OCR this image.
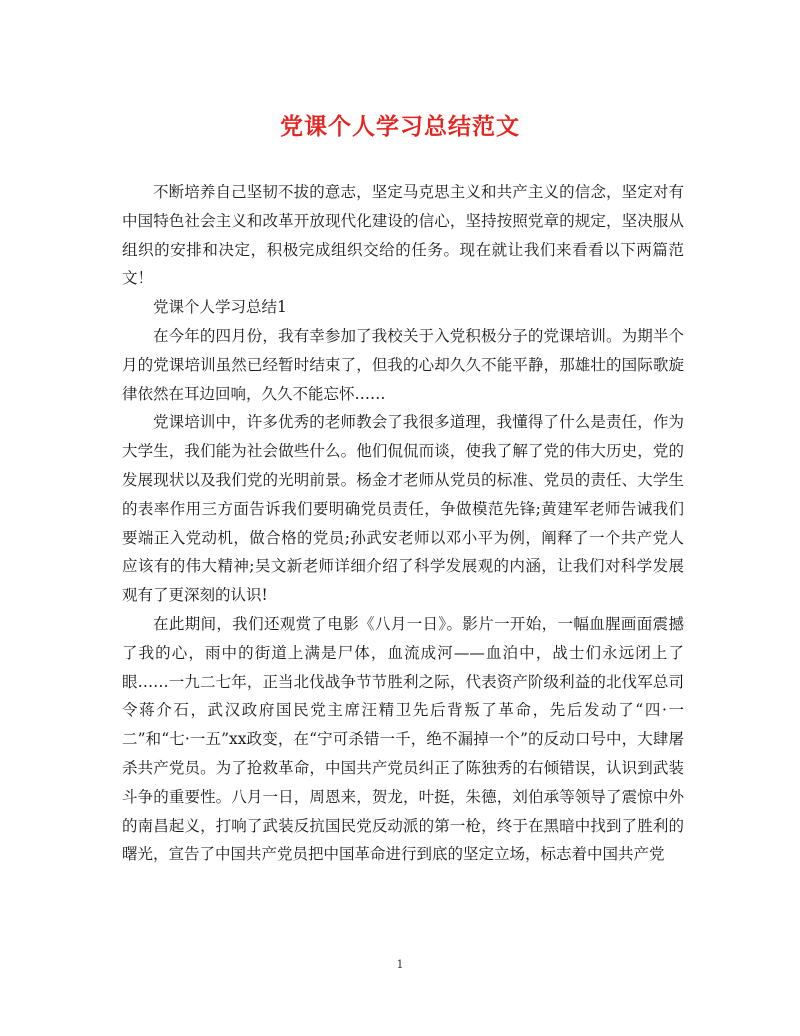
党课个人学习总结范文

不断培养自己坚韧不拔的意志，坚定马克思主义和共产主义的信念，坚定对有中国特色社会主义和改革开放现代化建设的信心，坚持按照党章的规定，坚决服从组织的安排和决定，积极完成组织交给的任务。现在就让我们来看看以下两篇范文！

党课个人学习总结1

在今年的四月份，我有幸参加了我校关于入党积极分子的党课培训。为期半个月的党课培训虽然已经暂时结束了，但我的心却久久不能平静，那雄壮的国际歌旋律依然在耳边回响，久久不能忘怀……

党课培训中，许多优秀的老师教会了我很多道理，我懂得了什么是责任，作为大学生，我们能为社会做些什么。他们侃侃而谈，使我了解了党的伟大历史，党的发展现状以及我们党的光明前景。杨金才老师从党员的标准、党员的责任、大学生的表率作用三方面告诉我们要明确党员责任，争做模范先锋;黄建军老师告诫我们要端正入党动机，做合格的党员;孙武安老师以邓小平为例，阐释了一个共产党人应该有的伟大精神;吴文新老师详细介绍了科学发展观的内涵，让我们对科学发展观有了更深刻的认识!

在此期间，我们还观赏了电影《八月一日》。影片一开始，一幅血腥画面震撼了我的心，雨中的街道上满是尸体，血流成河——血泊中，战士们永远闭上了眼……一九二七年，正当北伐战争节节胜利之际，代表资产阶级利益的北伐军总司令蒋介石，武汉政府国民党主席汪精卫先后背叛了革命，先后发动了“四·一二”和“七·一五”xx政变，在“宁可杀错一千，绝不漏掉一个”的反动口号中，大肆屠杀共产党员。为了抢救革命，中国共产党员纠正了陈独秀的右倾错误，认识到武装斗争的重要性。八月一日，周恩来，贺龙，叶挺，朱德，刘伯承等领导了震惊中外的南昌起义，打响了武装反抗国民党反动派的第一枪，终于在黑暗中找到了胜利的曙光，宣告了中国共产党员把中国革命进行到底的坚定立场，标志着中国共产党

1
